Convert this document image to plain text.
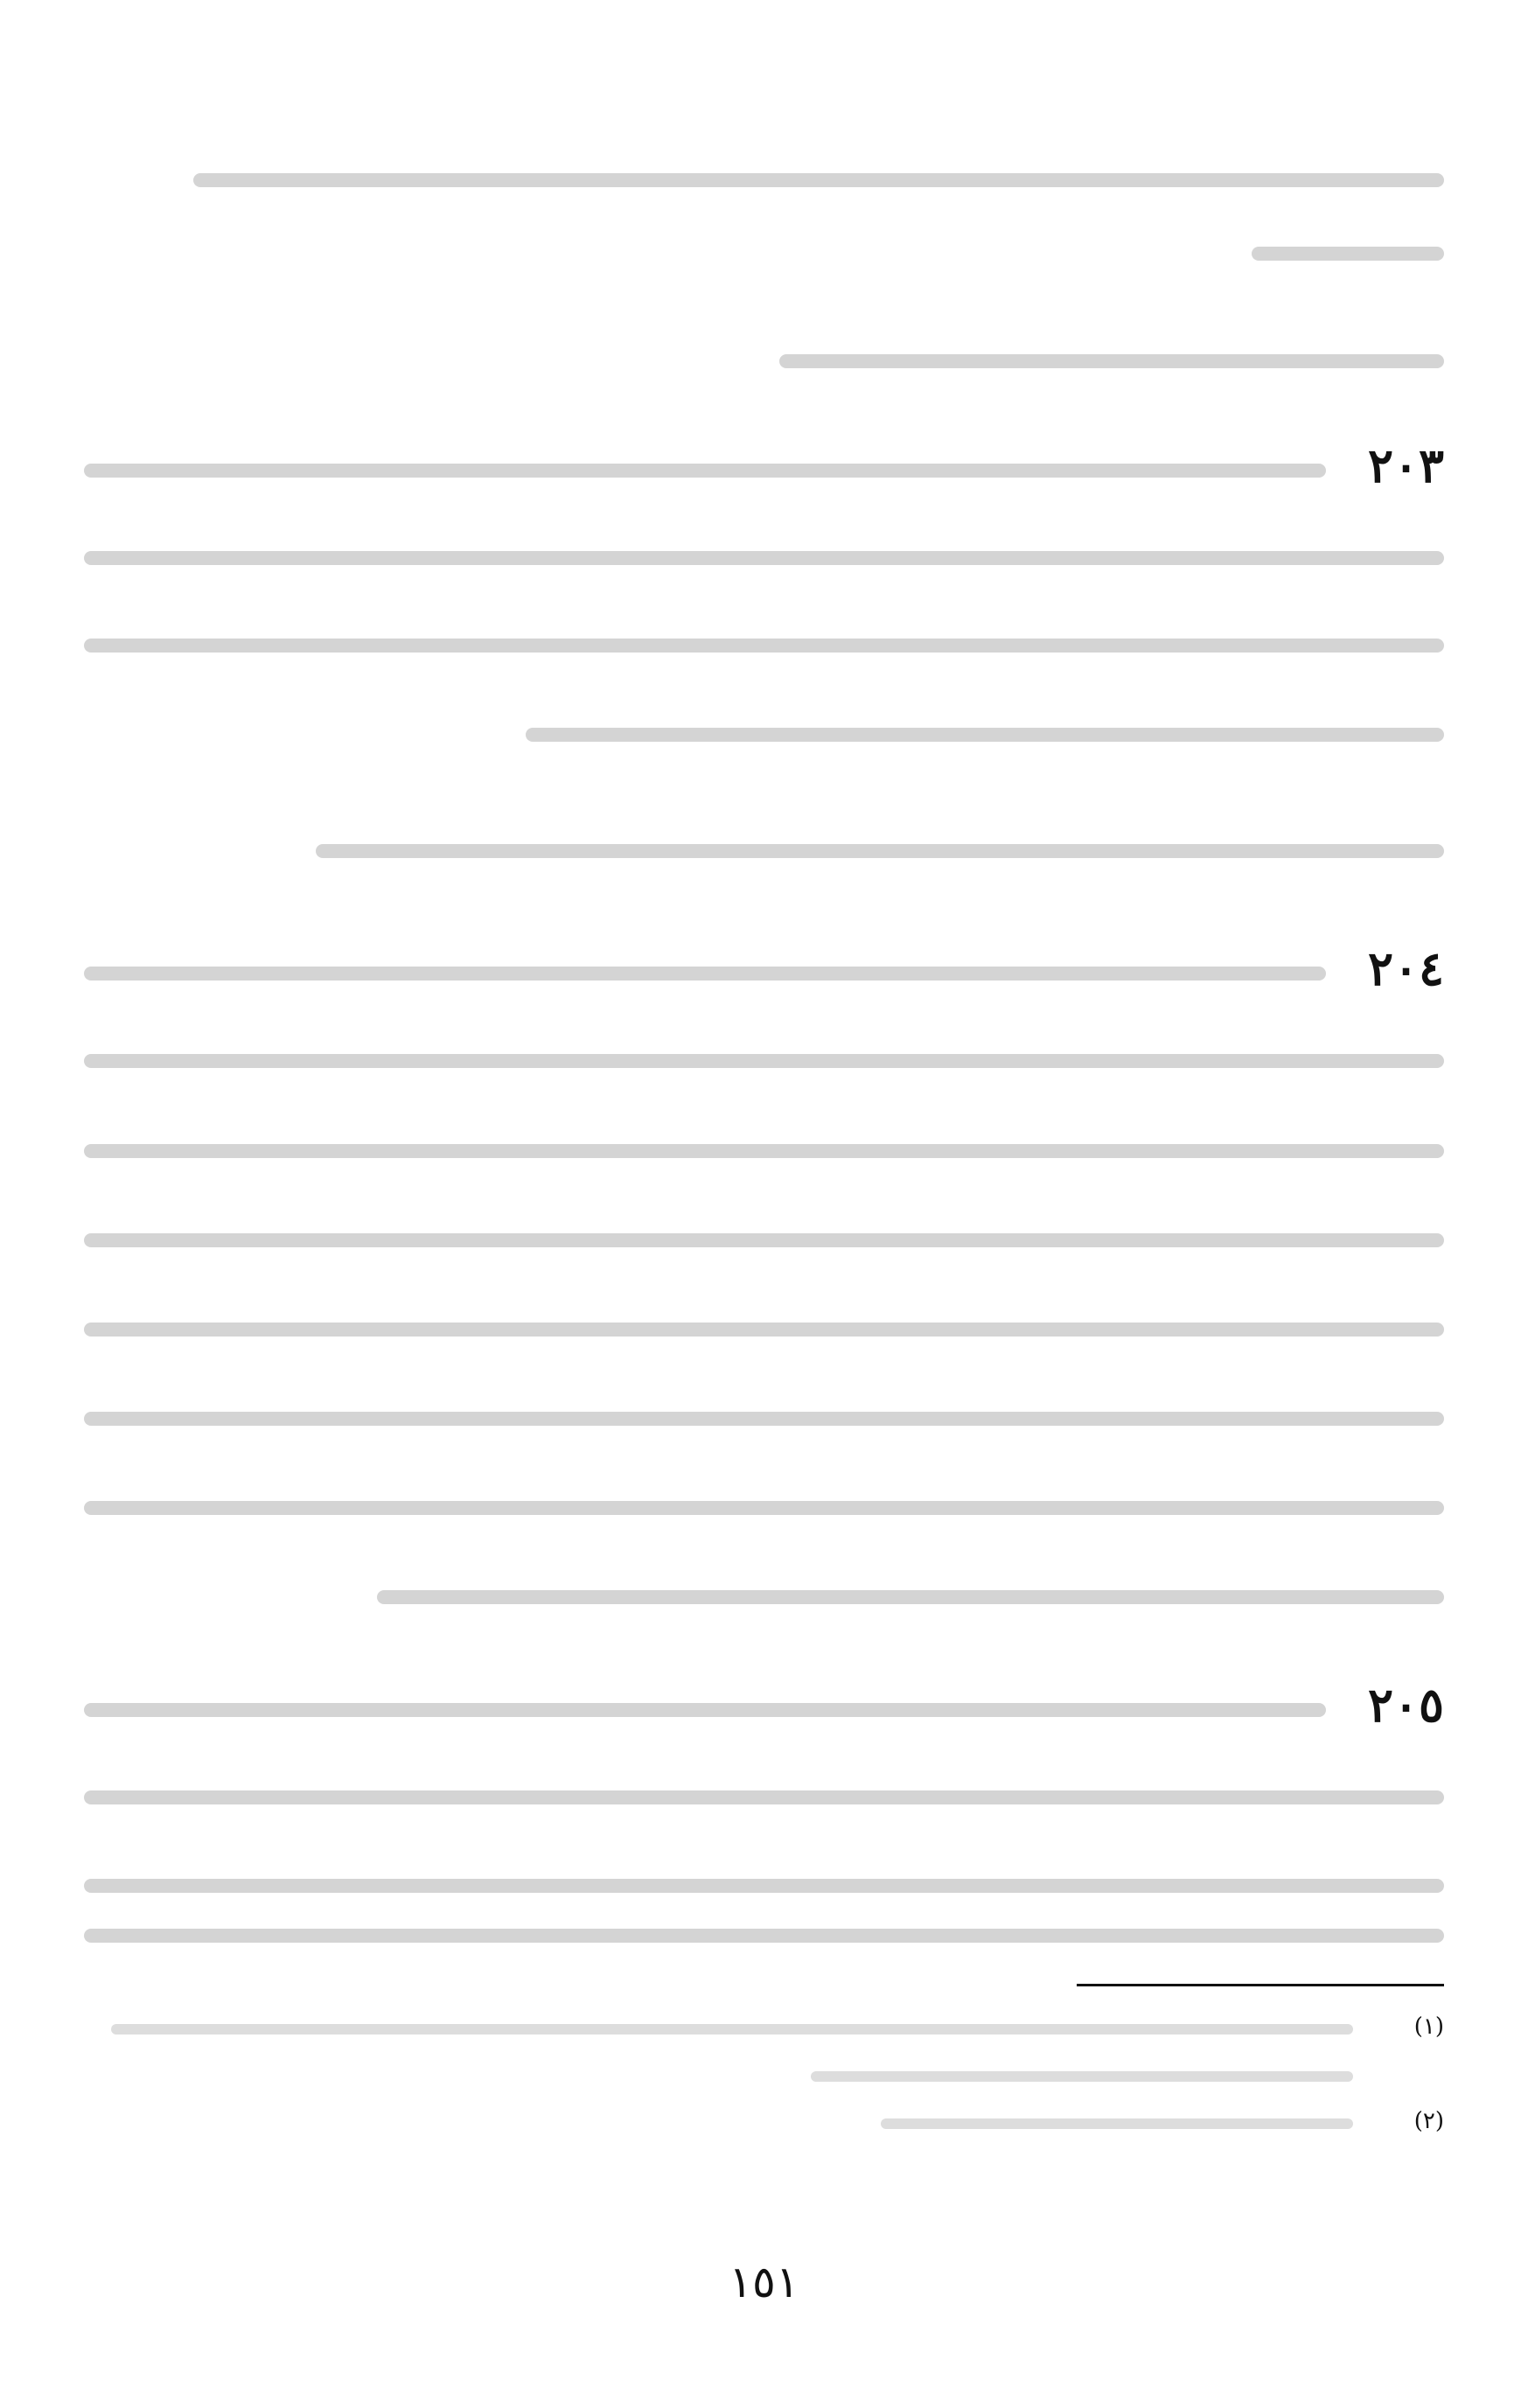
٢٠٣
٢٠٤
٢٠٥
(١)
(٢)
١٥١
